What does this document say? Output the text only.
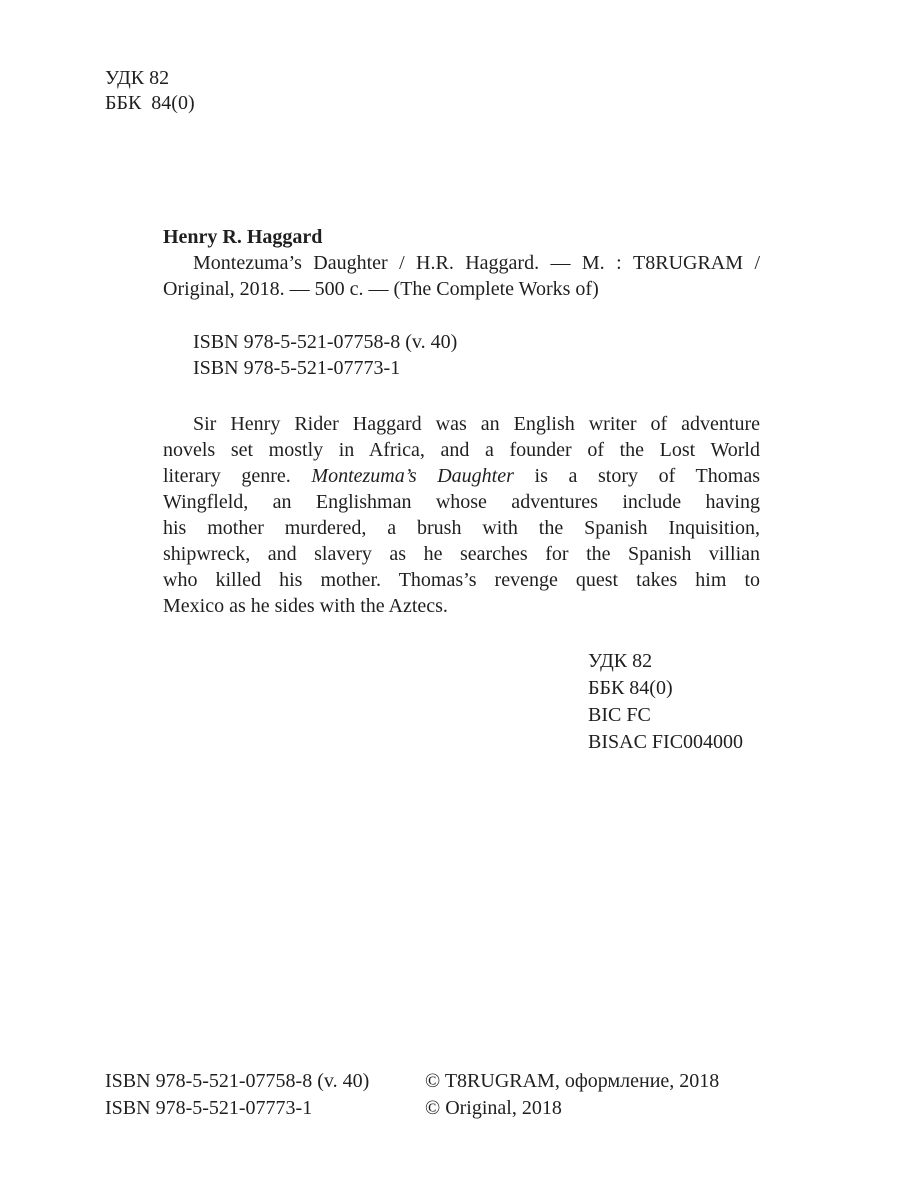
УДК 82
ББК  84(0)
Henry R. Haggard
Montezuma’s Daughter / H.R. Haggard. — М. : T8RUGRAM /
Original, 2018. — 500 с. — (The Complete Works of)
ISBN 978-5-521-07758-8 (v. 40)
ISBN 978-5-521-07773-1
Sir Henry Rider Haggard was an English writer of adventure
novels set mostly in Africa, and a founder of the Lost World
literary genre. Montezuma’s Daughter is a story of Thomas
Wingfleld, an Englishman whose adventures include having
his mother murdered, a brush with the Spanish Inquisition,
shipwreck, and slavery as he searches for the Spanish villian
who killed his mother. Thomas’s revenge quest takes him to
Mexico as he sides with the Aztecs.
УДК 82
ББК 84(0)
BIC FC
BISAC FIC004000
ISBN 978-5-521-07758-8 (v. 40)
ISBN 978-5-521-07773-1
© T8RUGRAM, оформление, 2018
© Original, 2018
